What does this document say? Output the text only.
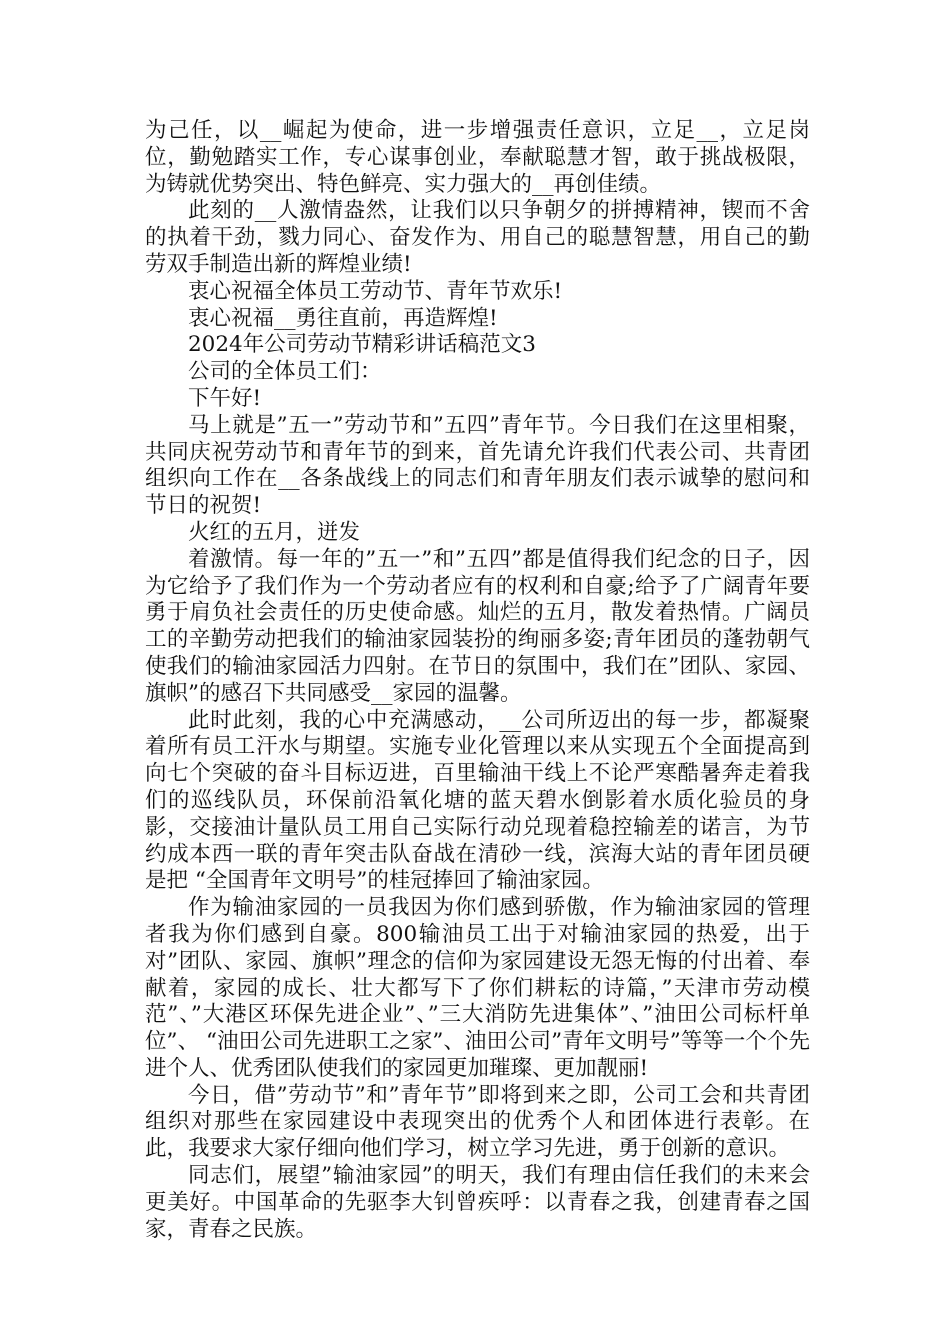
为己任，以__崛起为使命，进一步增强责任意识，立足__，立足岗位，勤勉踏实工作，专心谋事创业，奉献聪慧才智，敢于挑战极限，为铸就优势突出、特色鲜亮、实力强大的__再创佳绩。

此刻的__人激情盎然，让我们以只争朝夕的拼搏精神，锲而不舍的执着干劲，戮力同心、奋发作为、用自己的聪慧智慧，用自己的勤劳双手制造出新的辉煌业绩!

衷心祝福全体员工劳动节、青年节欢乐!

衷心祝福__勇往直前，再造辉煌!

2024年公司劳动节精彩讲话稿范文3

公司的全体员工们：

下午好!

马上就是”五一”劳动节和”五四”青年节。今日我们在这里相聚，共同庆祝劳动节和青年节的到来，首先请允许我们代表公司、共青团组织向工作在__各条战线上的同志们和青年朋友们表示诚挚的慰问和节日的祝贺!

火红的五月，迸发

着激情。每一年的”五一”和”五四”都是值得我们纪念的日子，因为它给予了我们作为一个劳动者应有的权利和自豪;给予了广阔青年要勇于肩负社会责任的历史使命感。灿烂的五月，散发着热情。广阔员工的辛勤劳动把我们的输油家园装扮的绚丽多姿;青年团员的蓬勃朝气使我们的输油家园活力四射。在节日的氛围中，我们在”团队、家园、旗帜”的感召下共同感受__家园的温馨。

此时此刻，我的心中充满感动，__公司所迈出的每一步，都凝聚着所有员工汗水与期望。实施专业化管理以来从实现五个全面提高到向七个突破的奋斗目标迈进，百里输油干线上不论严寒酷暑奔走着我们的巡线队员，环保前沿氧化塘的蓝天碧水倒影着水质化验员的身影，交接油计量队员工用自己实际行动兑现着稳控输差的诺言，为节约成本西一联的青年突击队奋战在清砂一线，滨海大站的青年团员硬是把 “全国青年文明号”的桂冠捧回了输油家园。

作为输油家园的一员我因为你们感到骄傲，作为输油家园的管理者我为你们感到自豪。800输油员工出于对输油家园的热爱，出于对”团队、家园、旗帜”理念的信仰为家园建设无怨无悔的付出着、奉献着，家园的成长、壮大都写下了你们耕耘的诗篇，”天津市劳动模范”、”大港区环保先进企业”、”三大消防先进集体”、”油田公司标杆单位”、 “油田公司先进职工之家”、油田公司”青年文明号”等等一个个先进个人、优秀团队使我们的家园更加璀璨、更加靓丽!

今日，借”劳动节”和”青年节”即将到来之即，公司工会和共青团组织对那些在家园建设中表现突出的优秀个人和团体进行表彰。在此，我要求大家仔细向他们学习，树立学习先进，勇于创新的意识。

同志们，展望”输油家园”的明天，我们有理由信任我们的未来会更美好。中国革命的先驱李大钊曾疾呼：以青春之我，创建青春之国家，青春之民族。
